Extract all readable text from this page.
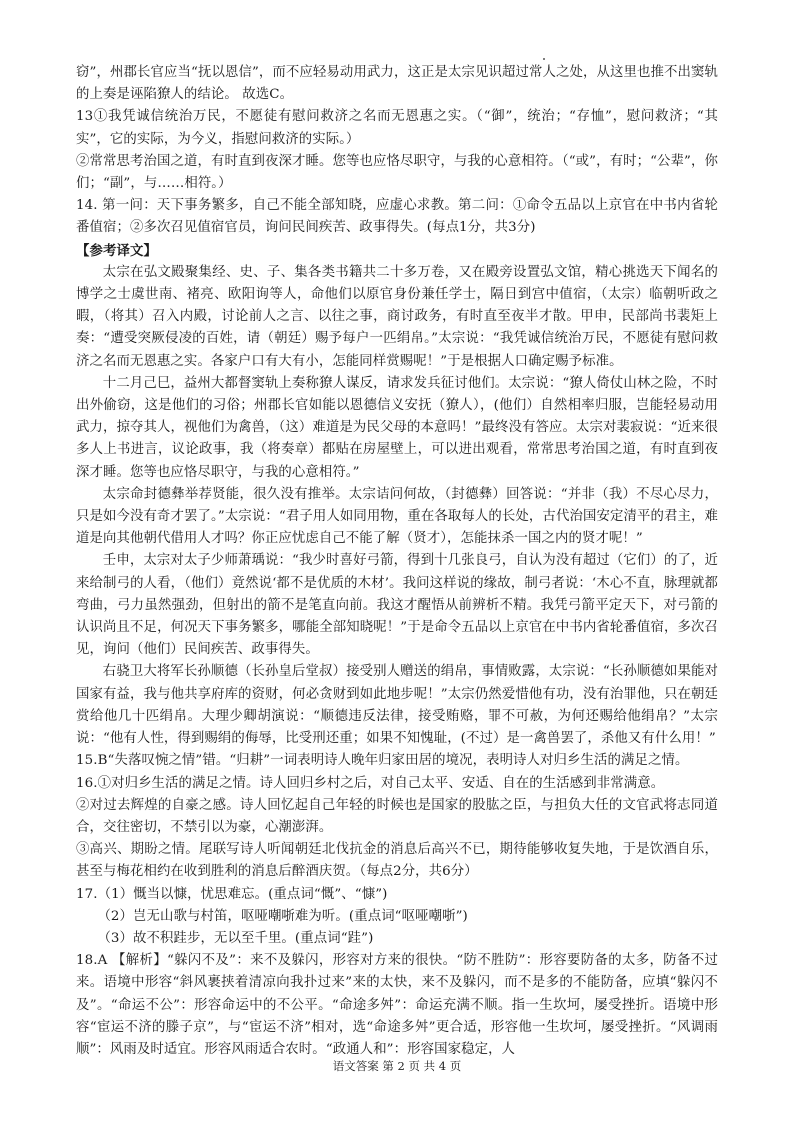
窃”，州郡长官应当“抚以恩信”，而不应轻易动用武力，这正是太宗见识超过常人之处，从这里也推不出窦轨的上奏是诬陷獠人的结论。 故选C。

13①我凭诚信统治万民，不愿徒有慰问救济之名而无恩惠之实。（“御”，统治；“存恤”，慰问救济；“其实”，它的实际，为今义，指慰问救济的实际。）

②常常思考治国之道，有时直到夜深才睡。您等也应恪尽职守，与我的心意相符。（“或”，有时；“公辈”，你们；“副”，与……相符。）

14. 第一问：天下事务繁多，自己不能全部知晓，应虚心求教。第二问：①命令五品以上京官在中书内省轮番值宿；②多次召见值宿官员，询问民间疾苦、政事得失。(每点1分，共3分)

【参考译文】

太宗在弘文殿聚集经、史、子、集各类书籍共二十多万卷，又在殿旁设置弘文馆，精心挑选天下闻名的博学之士虞世南、褚亮、欧阳询等人，命他们以原官身份兼任学士，隔日到宫中值宿，（太宗）临朝听政之暇，（将其）召入内殿，讨论前人之言、以往之事，商讨政务，有时直至夜半才散。甲申，民部尚书裴矩上奏：“遭受突厥侵凌的百姓，请（朝廷）赐予每户一匹绢帛。”太宗说：“我凭诚信统治万民，不愿徒有慰问救济之名而无恩惠之实。各家户口有大有小，怎能同样赏赐呢！”于是根据人口确定赐予标准。

十二月己巳，益州大都督窦轨上奏称獠人谋反，请求发兵征讨他们。太宗说：“獠人倚仗山林之险，不时出外偷窃，这是他们的习俗；州郡长官如能以恩德信义安抚（獠人），(他们）自然相率归服，岂能轻易动用武力，掠夺其人，视他们为禽兽，（这）难道是为民父母的本意吗！”最终没有答应。太宗对裴寂说：“近来很多人上书进言，议论政事，我（将奏章）都贴在房屋壁上，可以进出观看，常常思考治国之道，有时直到夜深才睡。您等也应恪尽职守，与我的心意相符。”

太宗命封德彝举荐贤能，很久没有推举。太宗诘问何故，（封德彝）回答说：“并非（我）不尽心尽力，只是如今没有奇才罢了。”太宗说：“君子用人如同用物，重在各取每人的长处，古代治国安定清平的君主，难道是向其他朝代借用人才吗？你正应忧虑自己不能了解（贤才），怎能抹杀一国之内的贤才呢！”

壬申，太宗对太子少师萧瑀说：“我少时喜好弓箭，得到十几张良弓，自认为没有超过（它们）的了，近来给制弓的人看，（他们）竟然说‘都不是优质的木材’。我问这样说的缘故，制弓者说：‘木心不直，脉理就都弯曲，弓力虽然强劲，但射出的箭不是笔直向前。我这才醒悟从前辨析不精。我凭弓箭平定天下，对弓箭的认识尚且不足，何况天下事务繁多，哪能全部知晓呢！”于是命令五品以上京官在中书内省轮番值宿，多次召见，询问（他们）民间疾苦、政事得失。

右骁卫大将军长孙顺德（长孙皇后堂叔）接受别人赠送的绢帛，事情败露，太宗说：“长孙顺德如果能对国家有益，我与他共享府库的资财，何必贪财到如此地步呢！”太宗仍然爱惜他有功，没有治罪他，只在朝廷赏给他几十匹绢帛。大理少卿胡演说：“顺德违反法律，接受贿赂，罪不可赦，为何还赐给他绢帛？”太宗说：“他有人性，得到赐绢的侮辱，比受刑还重；如果不知愧耻，(不过）是一禽兽罢了，杀他又有什么用！”

15.B“失落叹惋之情”错。“归耕”一词表明诗人晚年归家田居的境况，表明诗人对归乡生活的满足之情。

16.①对归乡生活的满足之情。诗人回归乡村之后，对自己太平、安适、自在的生活感到非常满意。

②对过去辉煌的自豪之感。诗人回忆起自己年轻的时候也是国家的股肱之臣，与担负大任的文官武将志同道合，交往密切，不禁引以为豪，心潮澎湃。

③高兴、期盼之情。尾联写诗人听闻朝廷北伐抗金的消息后高兴不已，期待能够收复失地，于是饮酒自乐，甚至与梅花相约在收到胜利的消息后醉酒庆贺。（每点2分，共6分）

17.（1）慨当以慷，忧思难忘。(重点词“慨”、“慷”)

（2）岂无山歌与村笛，呕哑嘲哳难为听。(重点词“呕哑嘲哳”)

（3）故不积跬步，无以至千里。(重点词“跬”)

18.A 【解析】“躲闪不及”：来不及躲闪，形容对方来的很快。“防不胜防”：形容要防备的太多，防备不过来。语境中形容“斜风裹挟着清凉向我扑过来”来的太快，来不及躲闪，而不是多的不能防备，应填“躲闪不及”。“命运不公”：形容命运中的不公平。“命途多舛”：命运充满不顺。指一生坎坷，屡受挫折。语境中形容“宦运不济的滕子京”，与“宦运不济”相对，选“命途多舛”更合适，形容他一生坎坷，屡受挫折。“风调雨顺”：风雨及时适宜。形容风雨适合农时。“政通人和”：形容国家稳定，人

语文答案 第 2 页 共 4 页
